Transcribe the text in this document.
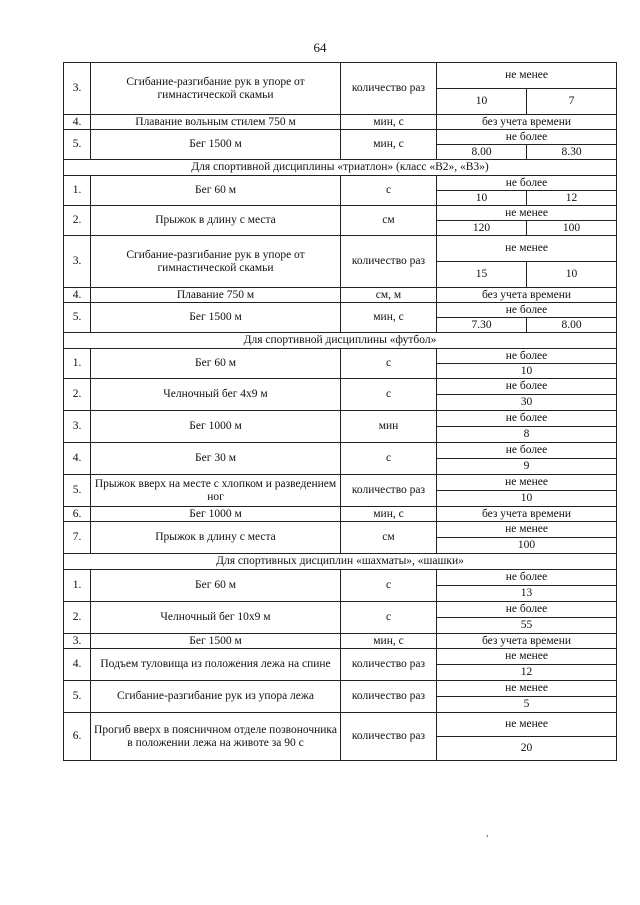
64
3.	Сгибание-разгибание рук в упоре от гимнастической скамьи	количество раз	не менее	
			10	7
4.	Плавание вольным стилем 750 м	мин, с	без учета времени	
5.	Бег 1500 м	мин, с	не более	
			8.00	8.30
Для спортивной дисциплины «триатлон» (класс «В2», «В3»)				
1.	Бег 60 м	с	не более	
			10	12
2.	Прыжок в длину с места	см	не менее	
			120	100
3.	Сгибание-разгибание рук в упоре от гимнастической скамьи	количество раз	не менее	
			15	10
4.	Плавание 750 м	см, м	без учета времени	
5.	Бег 1500 м	мин, с	не более	
			7.30	8.00
Для спортивной дисциплины «футбол»				
1.	Бег 60 м	с	не более	
			10	
2.	Челночный бег 4x9 м	с	не более	
			30	
3.	Бег 1000 м	мин	не более	
			8	
4.	Бег 30 м	с	не более	
			9	
5.	Прыжок вверх на месте с хлопком и разведением ног	количество раз	не менее	
			10	
6.	Бег 1000 м	мин, с	без учета времени	
7.	Прыжок в длину с места	см	не менее	
			100	
Для спортивных дисциплин «шахматы», «шашки»				
1.	Бег 60 м	с	не более	
			13	
2.	Челночный бег 10х9 м	с	не более	
			55	
3.	Бег 1500 м	мин, с	без учета времени	
4.	Подъем туловища из положения лежа на спине	количество раз	не менее	
			12	
5.	Сгибание-разгибание рук из упора лежа	количество раз	не менее	
			5	
6.	Прогиб вверх в поясничном отделе позвоночника в положении лежа на животе за 90 с	количество раз	не менее	
			20	
,
